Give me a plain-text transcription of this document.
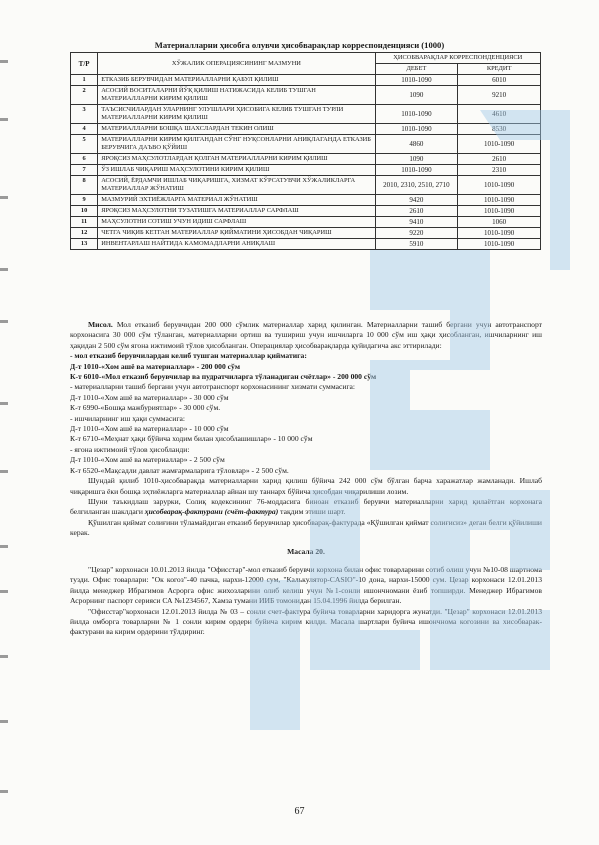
Материалларни ҳисобга олувчи ҳисобварақлар корреспонденцияси (1000)
Т/Р	ХЎЖАЛИК ОПЕРАЦИЯСИНИНГ МАЗМУНИ	ҲИСОБВАРАҚЛАР КОРРЕСПОНДЕНЦИЯСИ	
		ДЕБЕТ	КРЕДИТ
1	ЕТКАЗИБ БЕРУВЧИДАН МАТЕРИАЛЛАРНИ ҚАБУЛ ҚИЛИШ	1010-1090	6010
2	АСОСИЙ ВОСИТАЛАРНИ ЙЎҚ ҚИЛИШ НАТИЖАСИДА КЕЛИБ ТУШГАН МАТЕРИАЛЛАРНИ КИРИМ ҚИЛИШ	1090	9210
3	ТАЪСИСЧИЛАРДАН УЛАРНИНГ УЛУШЛАРИ ҲИСОБИГА КЕЛИБ ТУШГАН ТУРЛИ МАТЕРИАЛЛАРНИ КИРИМ ҚИЛИШ	1010-1090	4610
4	МАТЕРИАЛЛАРНИ БОШҚА ШАХСЛАРДАН ТЕКИН ОЛИШ	1010-1090	8530
5	МАТЕРИАЛЛАРНИ КИРИМ ҚИЛГАНДАН СЎНГ НУҚСОНЛАРНИ АНИҚЛАГАНДА ЕТКАЗИБ БЕРУВЧИГА ДАЪВО ҚЎЙИШ	4860	1010-1090
6	ЯРОҚСИЗ МАҲСУЛОТЛАРДАН ҚОЛГАН МАТЕРИАЛЛАРНИ КИРИМ ҚИЛИШ	1090	2610
7	ЎЗ ИШЛАБ ЧИҚАРИШ МАҲСУЛОТИНИ КИРИМ ҚИЛИШ	1010-1090	2310
8	АСОСИЙ, ЁРДАМЧИ ИШЛАБ ЧИҚАРИШГА, ХИЗМАТ КЎРСАТУВЧИ ХЎЖАЛИКЛАРГА МАТЕРИАЛЛАР ЖЎНАТИШ	2010, 2310, 2510, 2710	1010-1090
9	МАЗМУРИЙ ЭХТИЁЖЛАРГА МАТЕРИАЛ ЖЎНАТИШ	9420	1010-1090
10	ЯРОҚСИЗ МАҲСУЛОТНИ ТУЗАТИШГА МАТЕРИАЛЛАР САРФЛАШ	2610	1010-1090
11	МАҲСУЛОТНИ СОТИШ УЧУН ИДИШ САРФЛАШ	9410	1060
12	ЧЕТГА ЧИҚИБ КЕТГАН МАТЕРИАЛЛАР ҚИЙМАТИНИ ҲИСОБДАН ЧИҚАРИШ	9220	1010-1090
13	ИНВЕНТАРЛАШ НАЙТИДА КАМОМАДЛАРНИ АНИҚЛАШ	5910	1010-1090

Мисол. Мол етказиб берувчидан 200 000 сўмлик материаллар харид қилинган. Материалларни ташиб бергани учун автотранспорт корхонасига 30 000 сўм тўланган, материалларни ортиш ва тушириш учун ишчиларга 10 000 сўм иш ҳақи ҳисобланган, ишчиларнинг иш ҳақидан 2 500 сўм ягона ижтимоий тўлов ҳисобланган. Операциялар ҳисобварақларда қуйидагича акс эттирилади:

- мол етказиб берувчилардан келиб тушган материаллар қийматига:

Д-т 1010-«Хом ашё ва материаллар» - 200 000 сўм

К-т 6010-«Мол етказиб берувчилар ва пудратчиларга тўланадиган счётлар» - 200 000 сўм

- материалларни ташиб бергани учун автотранспорт корхонасининг хизмати суммасига:

Д-т 1010-«Хом ашё ва материаллар» - 30 000 сўм

К-т 6990-«Бошқа мажбуриятлар» - 30 000 сўм.

- ишчиларнинг иш ҳақи суммасига:

Д-т 1010-«Хом ашё ва материаллар» - 10 000 сўм

К-т 6710-«Меҳнат ҳақи бўйича ходим билан ҳисоблашишлар» - 10 000 сўм

- ягона ижтимоий тўлов ҳисобланди:

Д-т 1010-«Хом ашё ва материаллар» - 2 500 сўм

К-т 6520-«Мақсадли давлат жамғармаларига тўловлар» - 2 500 сўм.

Шундай қилиб 1010-ҳисобварақда материалларни харид қилиш бўйича 242 000 сўм бўлган барча харажатлар жамланади. Ишлаб чиқаришга ёки бошқа эҳтиёжларга материаллар айнан шу таннарх бўйича ҳисобдан чиқарилиши лозим.

Шуни таъкидлаш зарурки, Солиқ кодексининг 76-моддасига биноан етказиб берувчи материалларни харид қилаётган корхонага белгиланган шаклдаги ҳисобварақ-фактурани (счёт-фактура) тақдим этиши шарт.

Қўшилган қиймат солиғини тўламайдиган етказиб берувчилар ҳисобварақ-фактурада «Қўшилган қиймат солиғисиз» деган белги қўйилиши керак.

Масала 20.

"Цезар" корхонаси 10.01.2013 йилда "Офисстар"-мол етказиб берувчи корхона билан офис товарларини сотиб олиш учун №10-08 шартнома тузди. Офис товарлари: "Ок когоз"-40 пачка, нархи-12000 сум, "Калькулятор-CASIO"-10 дона, нархи-15000 сум. Цезар корхонаси 12.01.2013 йилда менеджер Ибрагимов Асрорга офис жихозларини олиб келиш учун №1-сонли ишончномани ёзиб топширди. Менеджер Ибрагимов Асрорнинг паспорт серияси СА №1234567, Хамза тумани ИИБ томонидан 15.04.1996 йилда берилган.

"Офисстар"корхонаси 12.01.2013 йилда № 03 – сонли счет-фактура буйича товарларни харидорга жунатди. "Цезар" корхонаси 12.01.2013 йилда омборга товарларни № 1 сонли кирим ордери буйича кирим килди. Масала шартлари буйича ишончнома когозини ва хисобварак-фактурани ва кирим ордерини тўлдиринг.

67
